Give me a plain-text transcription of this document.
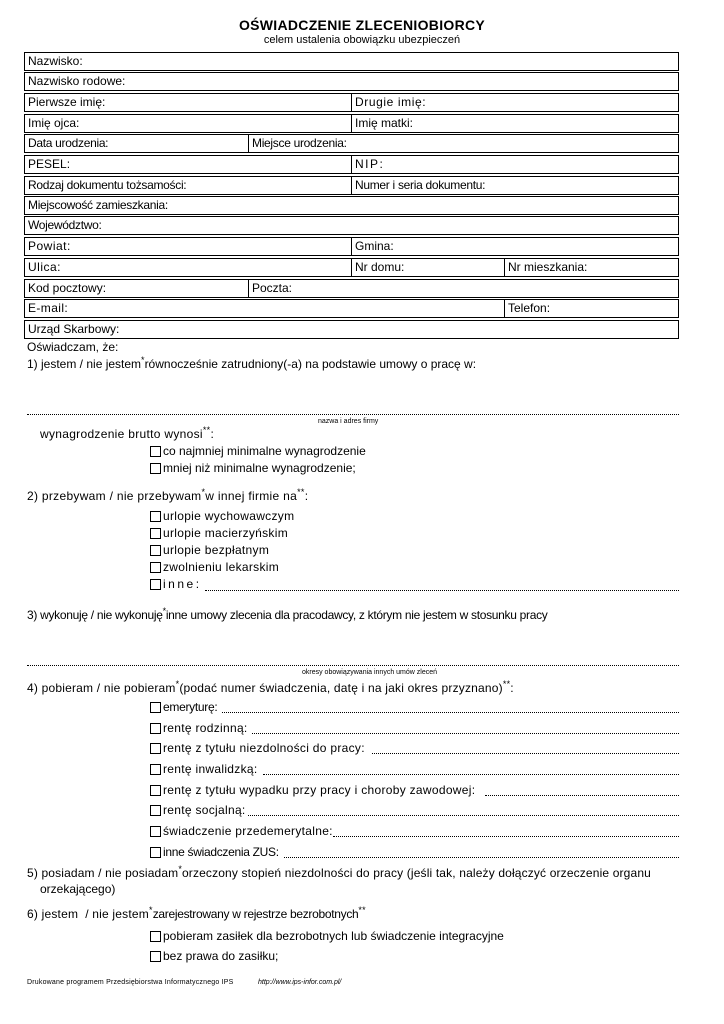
OŚWIADCZENIE ZLECENIOBIORCY
celem ustalenia obowiązku ubezpieczeń
Nazwisko:
Nazwisko rodowe:
Pierwsze imię:	Drugie imię:
Imię ojca:	Imię matki:
Data urodzenia:	Miejsce urodzenia:
PESEL:	NIP:
Rodzaj dokumentu tożsamości:	Numer i seria dokumentu:
Miejscowość zamieszkania:
Województwo:
Powiat:	Gmina:
Ulica:	Nr domu:	Nr mieszkania:
Kod pocztowy:	Poczta:
E-mail:	Telefon:
Urząd Skarbowy:
Oświadczam, że:
1) jestem / nie jestem*równocześnie zatrudniony(-a) na podstawie umowy o pracę w:
nazwa i adres firmy
wynagrodzenie brutto wynosi**:
co najmniej minimalne wynagrodzenie
mniej niż minimalne wynagrodzenie;
2) przebywam / nie przebywam*w innej firmie na**:
urlopie wychowawczym
urlopie macierzyńskim
urlopie bezpłatnym
zwolnieniu lekarskim
inne:
3) wykonuję / nie wykonuję*inne umowy zlecenia dla pracodawcy, z którym nie jestem w stosunku pracy
okresy obowiązywania innych umów zleceń
4) pobieram / nie pobieram*(podać numer świadczenia, datę i na jaki okres przyznano)**:
emeryturę:
rentę rodzinną:
rentę z tytułu niezdolności do pracy:
rentę inwalidzką:
rentę z tytułu wypadku przy pracy i choroby zawodowej:
rentę socjalną:
świadczenie przedemerytalne:
inne świadczenia ZUS:
5) posiadam / nie posiadam*orzeczony stopień niezdolności do pracy (jeśli tak, należy dołączyć orzeczenie organu
orzekającego)
6) jestem  / nie jestem*zarejestrowany w rejestrze bezrobotnych**
pobieram zasiłek dla bezrobotnych lub świadczenie integracyjne
bez prawa do zasiłku;
Drukowane programem Przedsiębiorstwa Informatycznego IPS	http://www.ips-infor.com.pl/
